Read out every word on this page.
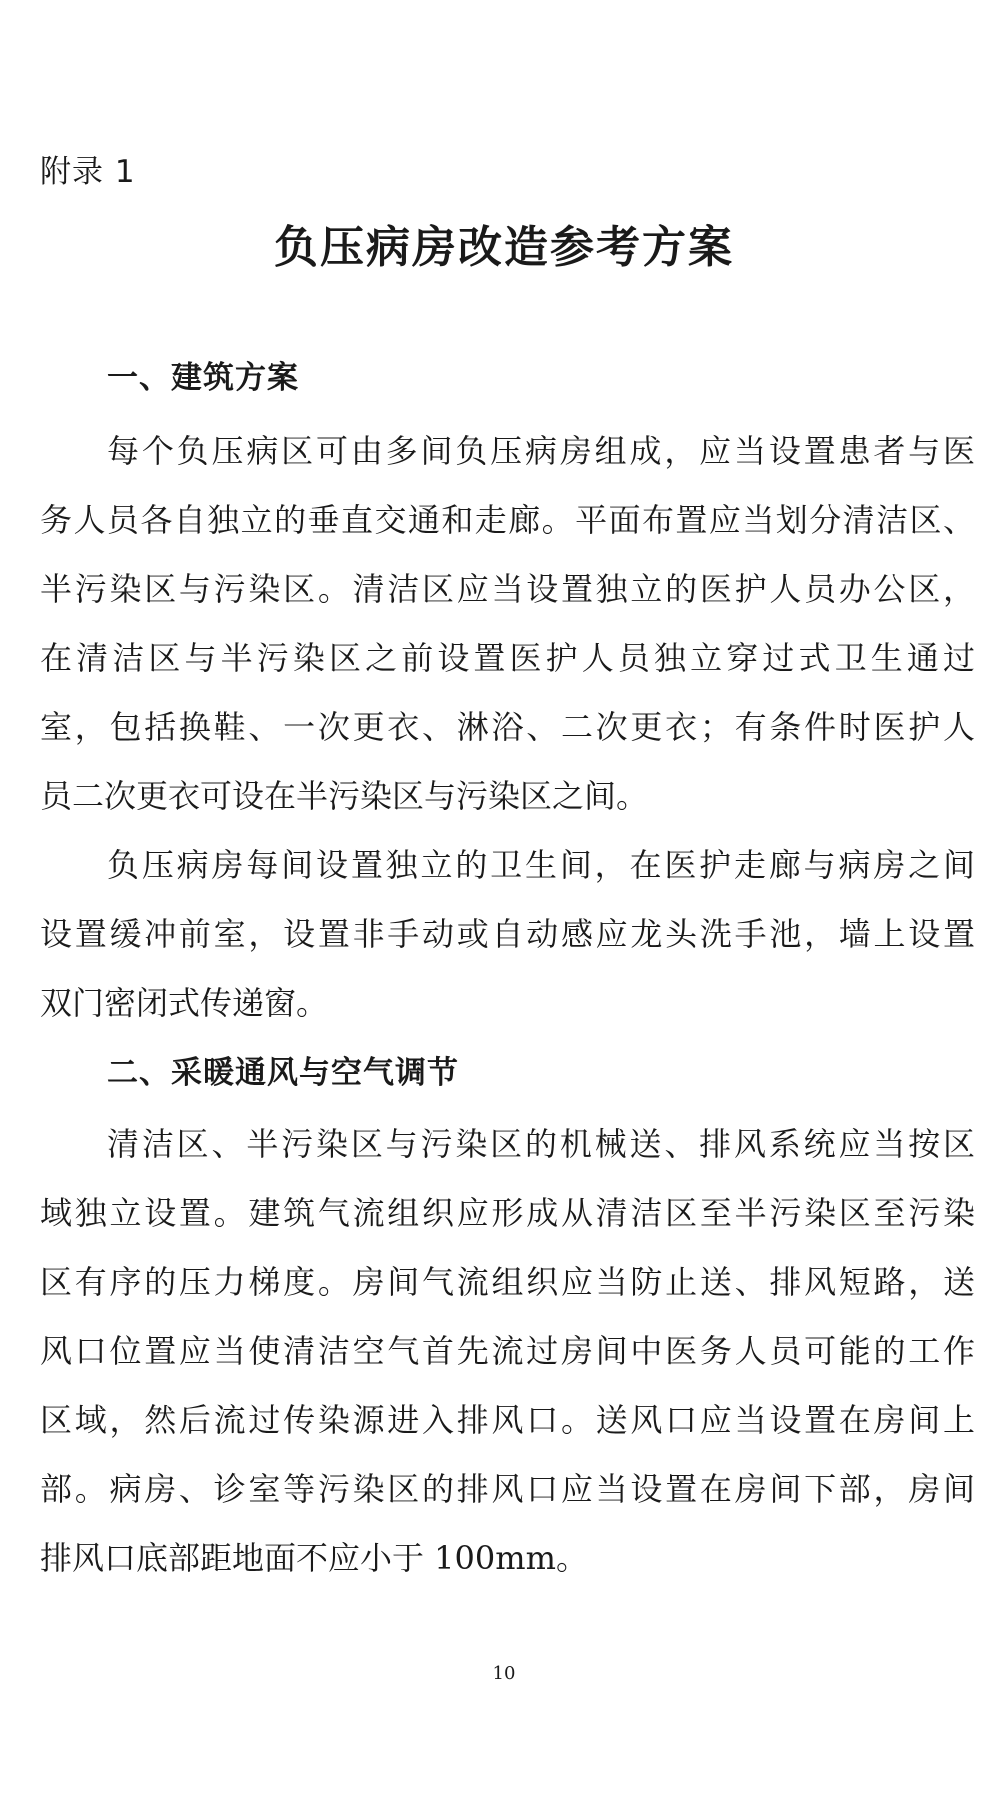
附录 1
负压病房改造参考方案
一、建筑方案
每个负压病区可由多间负压病房组成，应当设置患者与医
务人员各自独立的垂直交通和走廊。平面布置应当划分清洁区、
半污染区与污染区。清洁区应当设置独立的医护人员办公区，
在清洁区与半污染区之前设置医护人员独立穿过式卫生通过
室，包括换鞋、一次更衣、淋浴、二次更衣；有条件时医护人
员二次更衣可设在半污染区与污染区之间。
负压病房每间设置独立的卫生间，在医护走廊与病房之间
设置缓冲前室，设置非手动或自动感应龙头洗手池，墙上设置
双门密闭式传递窗。
二、采暖通风与空气调节
清洁区、半污染区与污染区的机械送、排风系统应当按区
域独立设置。建筑气流组织应形成从清洁区至半污染区至污染
区有序的压力梯度。房间气流组织应当防止送、排风短路，送
风口位置应当使清洁空气首先流过房间中医务人员可能的工作
区域，然后流过传染源进入排风口。送风口应当设置在房间上
部。病房、诊室等污染区的排风口应当设置在房间下部，房间
排风口底部距地面不应小于 100mm。
10
